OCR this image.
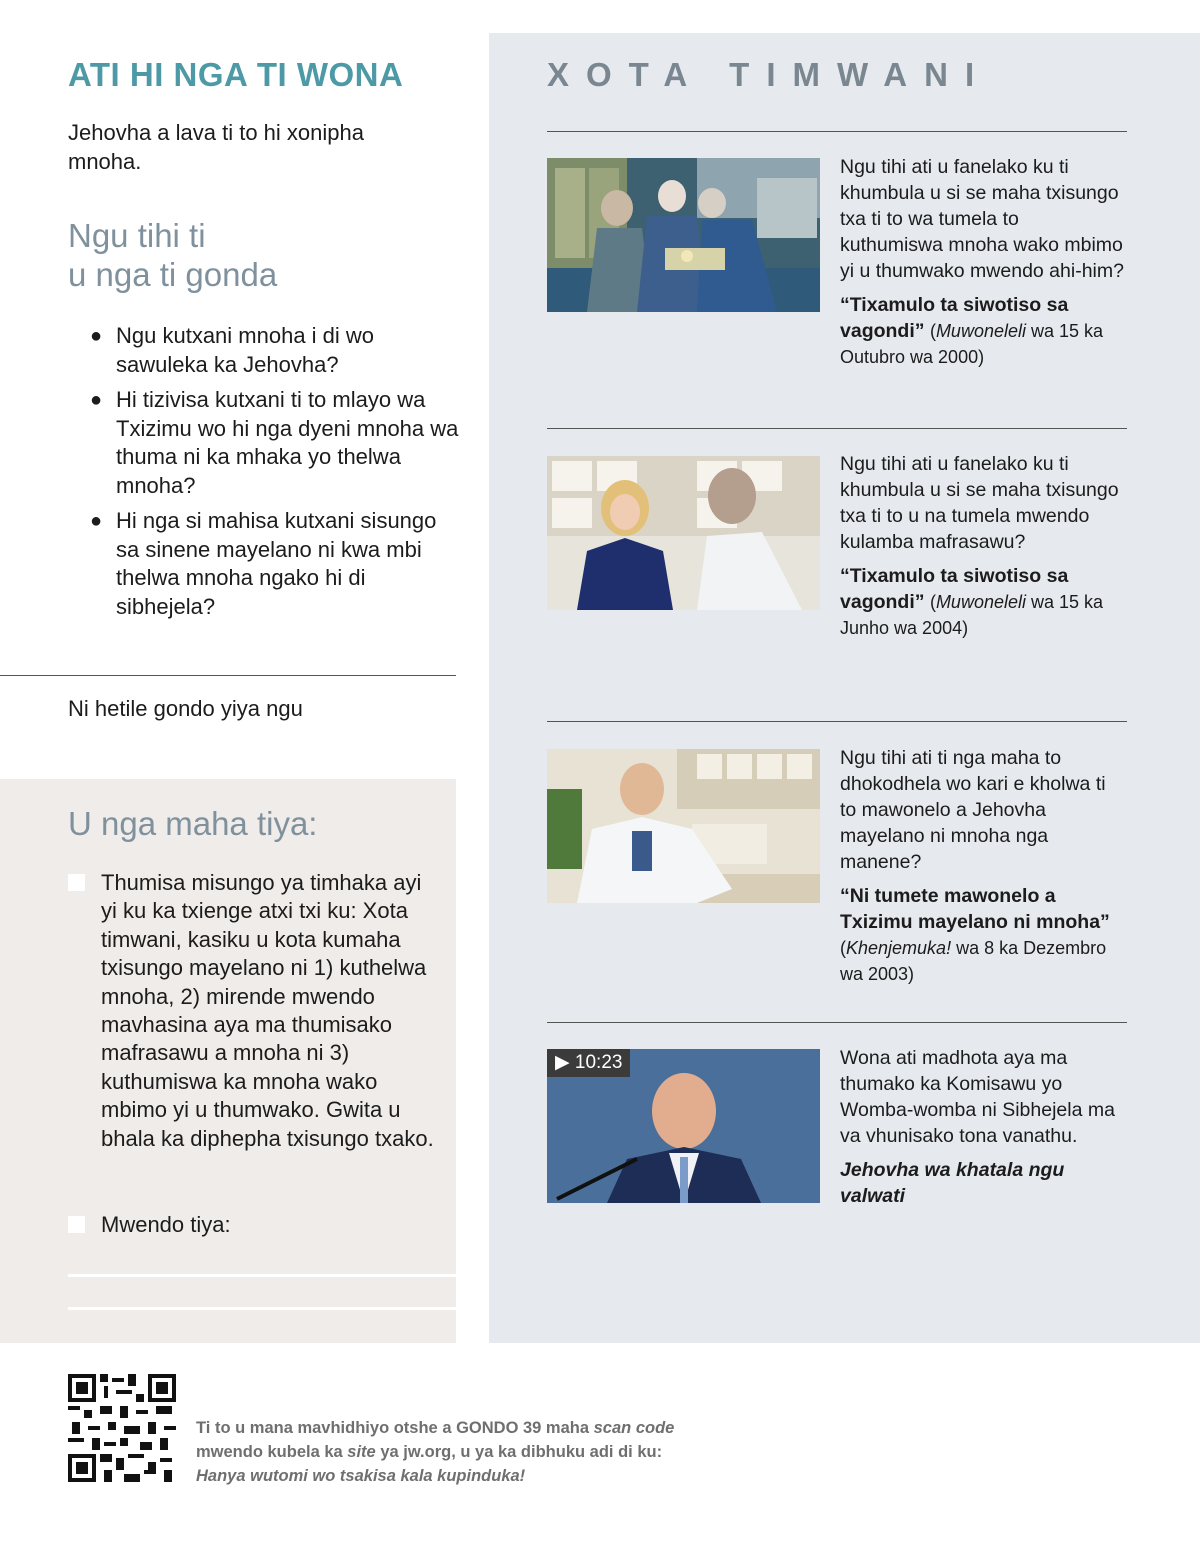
ATI HI NGA TI WONA
Jehovha a lava ti to hi xonipha mnoha.
Ngu tihi ti
u nga ti gonda
● Ngu kutxani mnoha i di wo sawuleka ka Jehovha?
● Hi tizivisa kutxani ti to mlayo wa Txizimu wo hi nga dyeni mnoha wa thuma ni ka mhaka yo thelwa mnoha?
● Hi nga si mahisa kutxani sisungo sa sinene mayelano ni kwa mbi thelwa mnoha ngako hi di sibhejela?
Ni hetile gondo yiya ngu
U nga maha tiya:
Thumisa misungo ya timhaka ayi yi ku ka txienge atxi txi ku: Xota timwani, kasiku u kota kumaha txisungo mayelano ni 1) kuthelwa mnoha, 2) mirende mwendo mavhasina aya ma thumisako mafrasawu a mnoha ni 3) kuthumiswa ka mnoha wako mbimo yi u thumwako. Gwita u bhala ka diphepha txisungo txako.
Mwendo tiya:
XOTA TIMWANI

Ngu tihi ati u fanelako ku ti khumbula u si se maha txisungo txa ti to wa tumela to kuthumiswa mnoha wako mbimo yi u thumwako mwendo ahi-him?

“Tixamulo ta siwotiso sa vagondi” (Muwoneleli wa 15 ka Outubro wa 2000)

Ngu tihi ati u fanelako ku ti khumbula u si se maha txisungo txa ti to u na tumela mwendo kulamba mafrasawu?

“Tixamulo ta siwotiso sa vagondi” (Muwoneleli wa 15 ka Junho wa 2004)

Ngu tihi ati ti nga maha to dhokodhela wo kari e kholwa ti to mawonelo a Jehovha mayelano ni mnoha nga manene?

“Ni tumete mawonelo a Txizimu mayelano ni mnoha” (Khenjemuka! wa 8 ka Dezembro wa 2003)

▶ 10:23	Wona ati madhota aya ma thumako ka Komisawu yo Womba-womba ni Sibhejela ma va vhunisako tona vanathu.

Jehovha wa khatala ngu valwati

Ti to u mana mavhidhiyo otshe a GONDO 39 maha scan code mwendo kubela ka site ya jw.org, u ya ka dibhuku adi di ku: Hanya wutomi wo tsakisa kala kupinduka!
